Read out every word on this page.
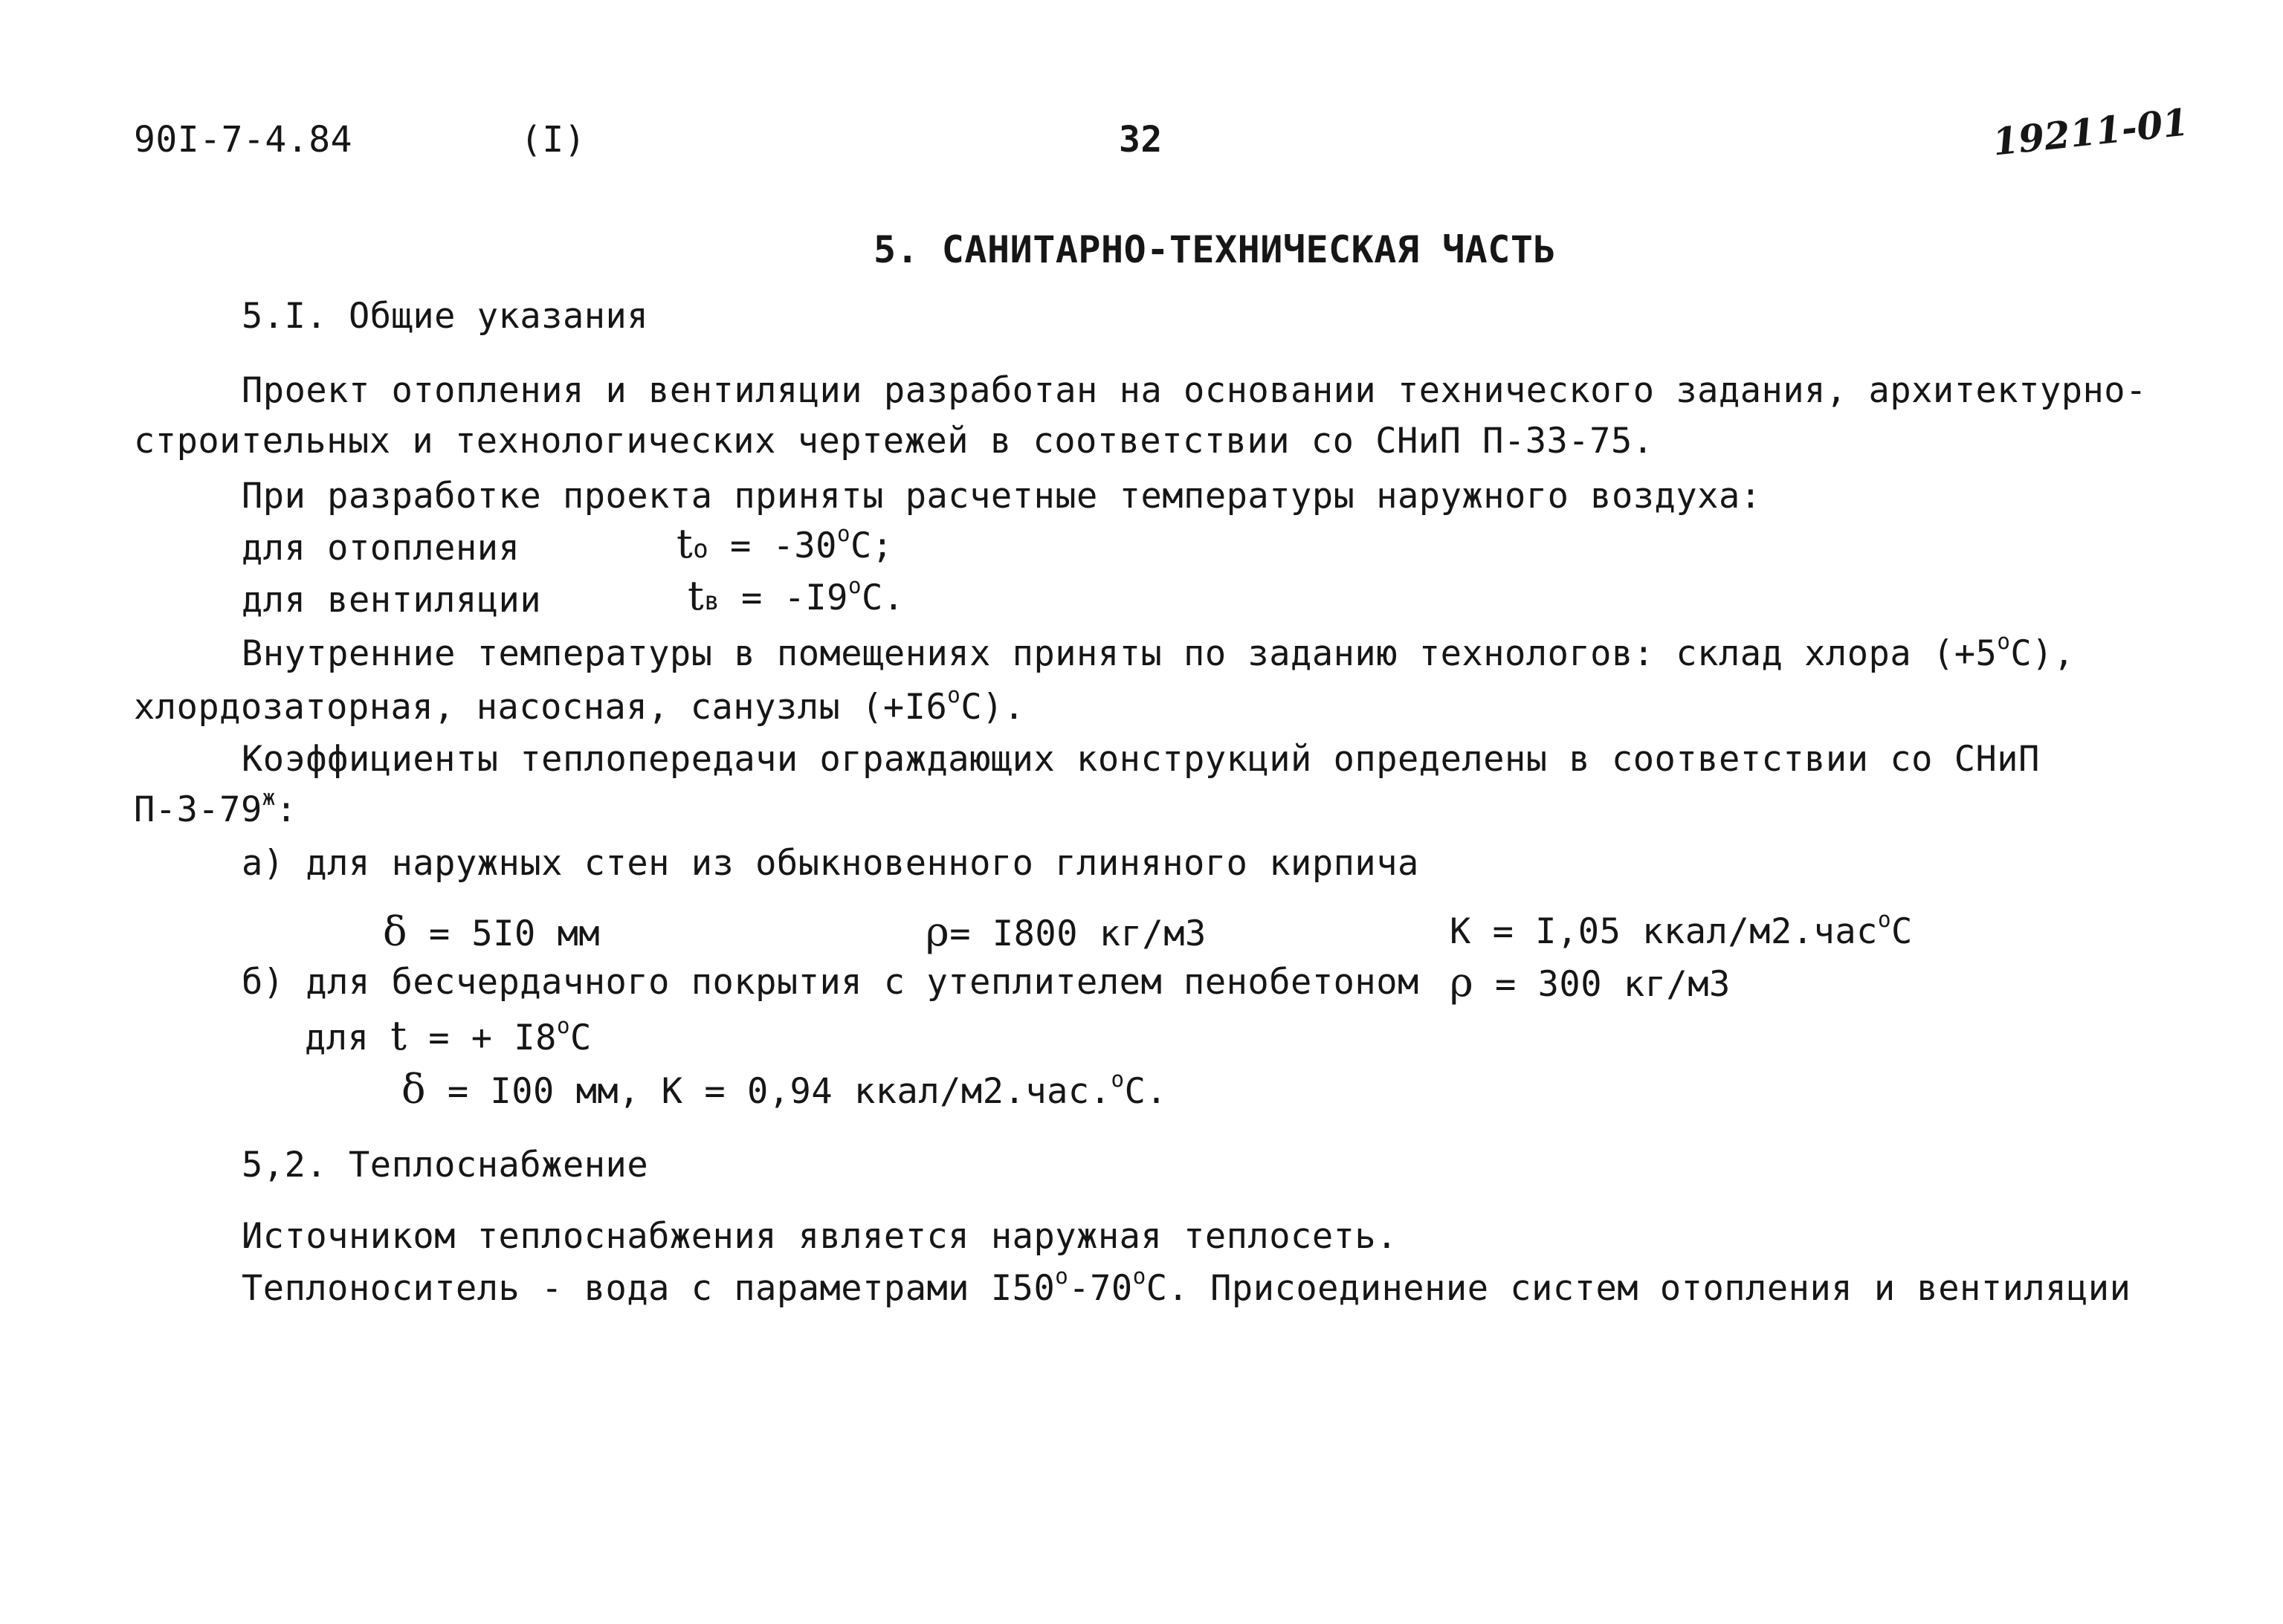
90I-7-4.84	(I)	32	19211-01
5. САНИТАРНО-ТЕХНИЧЕСКАЯ ЧАСТЬ
5.I. Общие указания
Проект отопления и вентиляции разработан на основании технического задания, архитектурно-
строительных и технологических чертежей в соответствии со СНиП П-33-75.
При разработке проекта приняты расчетные температуры наружного воздуха:
для отопления	to = $-30^oC$;
для вентиляции	tв = $-I9^oC$.
Внутренние температуры в помещениях приняты по заданию технологов: склад хлора $(+5^oC)$,
хлордозаторная, насосная, санузлы $(+I6^oC)$.
Коэффициенты теплопередачи ограждающих конструкций определены в соответствии со СНиП
$П-3-79^ж$:
а) для наружных стен из обыкновенного глиняного кирпича
δ = 5I0 мм	ρ= I800 кг/м3	K = I,05 ккал/м2.час$^o$C
б) для бесчердачного покрытия с утеплителем пенобетоном ρ = 300 кг/м3
для t = + $I8^oC$
δ = I00 мм, K = 0,94 ккал/м2.час.$^o$C.
5,2. Теплоснабжение
Источником теплоснабжения является наружная теплосеть.
Теплоноситель - вода с параметрами I50$^o$-70$^o$C. Присоединение систем отопления и вентиляции
